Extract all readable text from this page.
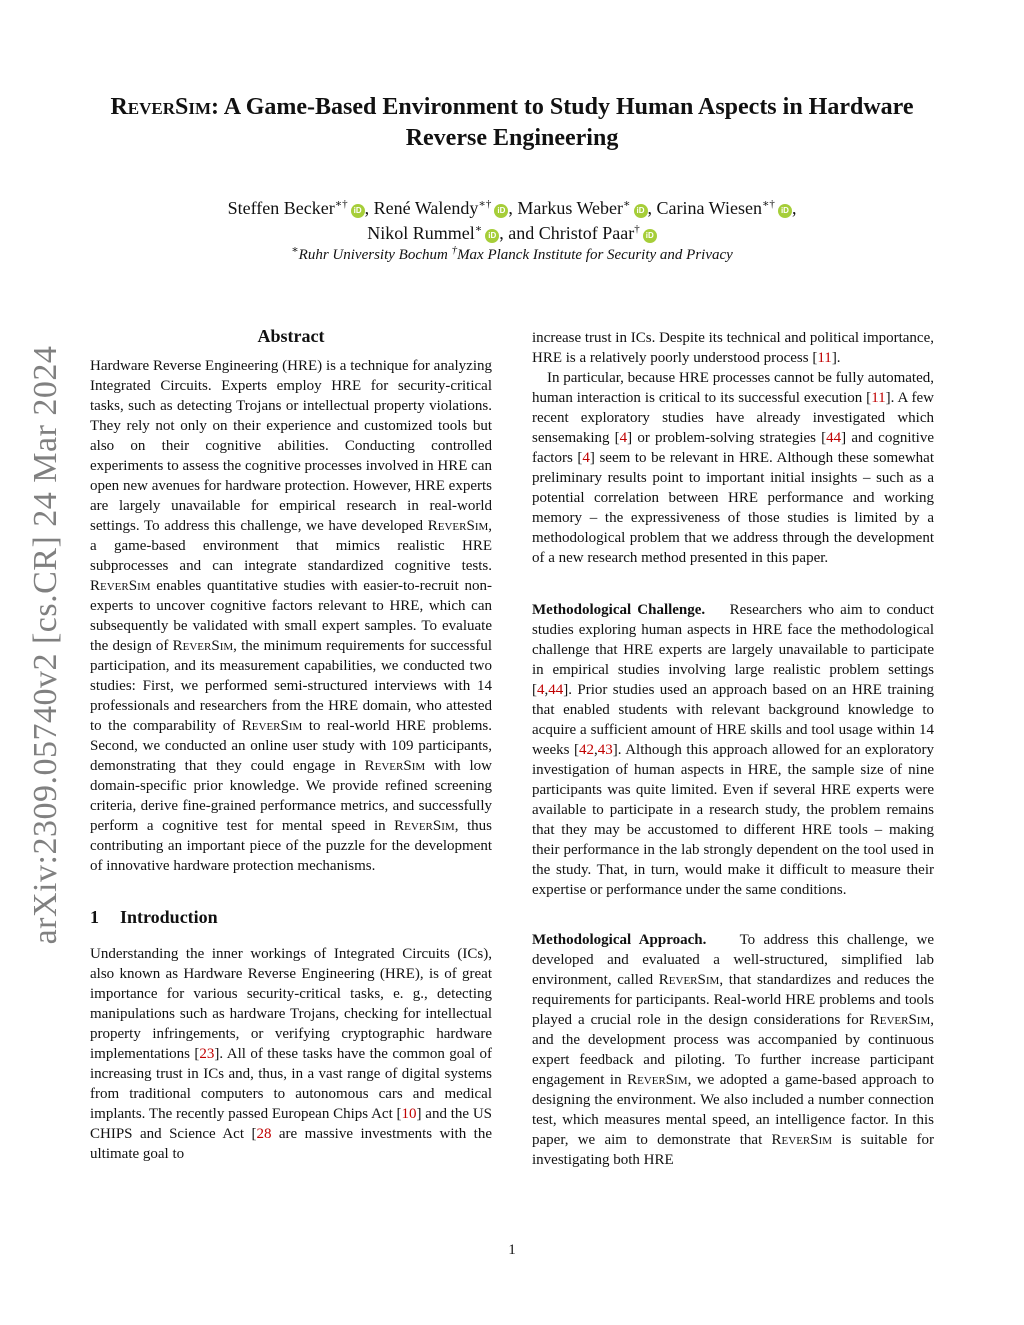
arXiv:2309.05740v2 [cs.CR] 24 Mar 2024
ReverSim: A Game-Based Environment to Study Human Aspects in Hardware Reverse Engineering
Steffen Becker∗†iD , René Walendy∗†iD , Markus Weber∗iD , Carina Wiesen∗†iD ,
Nikol Rummel∗iD , and Christof Paar†iD
∗Ruhr University Bochum †Max Planck Institute for Security and Privacy
Abstract

Hardware Reverse Engineering (HRE) is a technique for analyzing Integrated Circuits. Experts employ HRE for security-critical tasks, such as detecting Trojans or intellectual property violations. They rely not only on their experience and customized tools but also on their cognitive abilities. Conducting controlled experiments to assess the cognitive processes involved in HRE can open new avenues for hardware protection. However, HRE experts are largely unavailable for empirical research in real-world settings. To address this challenge, we have developed ReverSim, a game-based environment that mimics realistic HRE subprocesses and can integrate standardized cognitive tests. ReverSim enables quantitative studies with easier-to-recruit non-experts to uncover cognitive factors relevant to HRE, which can subsequently be validated with small expert samples. To evaluate the design of ReverSim, the minimum requirements for successful participation, and its measurement capabilities, we conducted two studies: First, we performed semi-structured interviews with 14 professionals and researchers from the HRE domain, who attested to the comparability of ReverSim to real-world HRE problems. Second, we conducted an online user study with 109 participants, demonstrating that they could engage in ReverSim with low domain-specific prior knowledge. We provide refined screening criteria, derive fine-grained performance metrics, and successfully perform a cognitive test for mental speed in ReverSim, thus contributing an important piece of the puzzle for the development of innovative hardware protection mechanisms.

1 Introduction

Understanding the inner workings of Integrated Circuits (ICs), also known as Hardware Reverse Engineering (HRE), is of great importance for various security-critical tasks, e. g., detecting manipulations such as hardware Trojans, checking for intellectual property infringements, or verifying cryptographic hardware implementations [23]. All of these tasks have the common goal of increasing trust in ICs and, thus, in a vast range of digital systems from traditional computers to autonomous cars and medical implants. The recently passed European Chips Act [10] and the US CHIPS and Science Act [28 are massive investments with the ultimate goal to

increase trust in ICs. Despite its technical and political importance, HRE is a relatively poorly understood process [11].

In particular, because HRE processes cannot be fully automated, human interaction is critical to its successful execution [11]. A few recent exploratory studies have already investigated which sensemaking [4] or problem-solving strategies [44] and cognitive factors [4] seem to be relevant in HRE. Although these somewhat preliminary results point to important initial insights – such as a potential correlation between HRE performance and working memory – the expressiveness of those studies is limited by a methodological problem that we address through the development of a new research method presented in this paper.

Methodological Challenge. Researchers who aim to conduct studies exploring human aspects in HRE face the methodological challenge that HRE experts are largely unavailable to participate in empirical studies involving large realistic problem settings [4,44]. Prior studies used an approach based on an HRE training that enabled students with relevant background knowledge to acquire a sufficient amount of HRE skills and tool usage within 14 weeks [42,43]. Although this approach allowed for an exploratory investigation of human aspects in HRE, the sample size of nine participants was quite limited. Even if several HRE experts were available to participate in a research study, the problem remains that they may be accustomed to different HRE tools – making their performance in the lab strongly dependent on the tool used in the study. That, in turn, would make it difficult to measure their expertise or performance under the same conditions.

Methodological Approach. To address this challenge, we developed and evaluated a well-structured, simplified lab environment, called ReverSim, that standardizes and reduces the requirements for participants. Real-world HRE problems and tools played a crucial role in the design considerations for ReverSim, and the development process was accompanied by continuous expert feedback and piloting. To further increase participant engagement in ReverSim, we adopted a game-based approach to designing the environment. We also included a number connection test, which measures mental speed, an intelligence factor. In this paper, we aim to demonstrate that ReverSim is suitable for investigating both HRE

1
